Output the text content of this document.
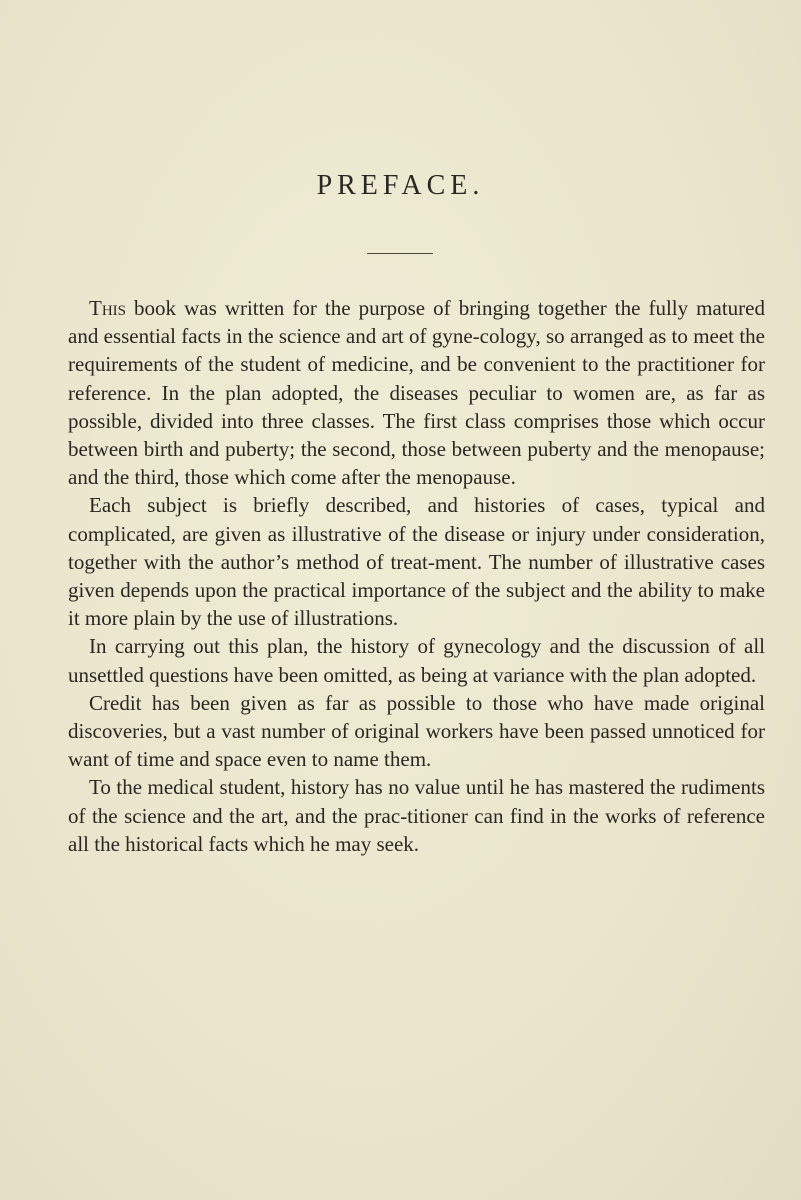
PREFACE.

This book was written for the purpose of bringing together the fully matured and essential facts in the science and art of gyne-cology, so arranged as to meet the requirements of the student of medicine, and be convenient to the practitioner for reference. In the plan adopted, the diseases peculiar to women are, as far as possible, divided into three classes. The first class comprises those which occur between birth and puberty; the second, those between puberty and the menopause; and the third, those which come after the menopause.

Each subject is briefly described, and histories of cases, typical and complicated, are given as illustrative of the disease or injury under consideration, together with the author’s method of treat-ment. The number of illustrative cases given depends upon the practical importance of the subject and the ability to make it more plain by the use of illustrations.

In carrying out this plan, the history of gynecology and the discussion of all unsettled questions have been omitted, as being at variance with the plan adopted.

Credit has been given as far as possible to those who have made original discoveries, but a vast number of original workers have been passed unnoticed for want of time and space even to name them.

To the medical student, history has no value until he has mastered the rudiments of the science and the art, and the prac-titioner can find in the works of reference all the historical facts which he may seek.
